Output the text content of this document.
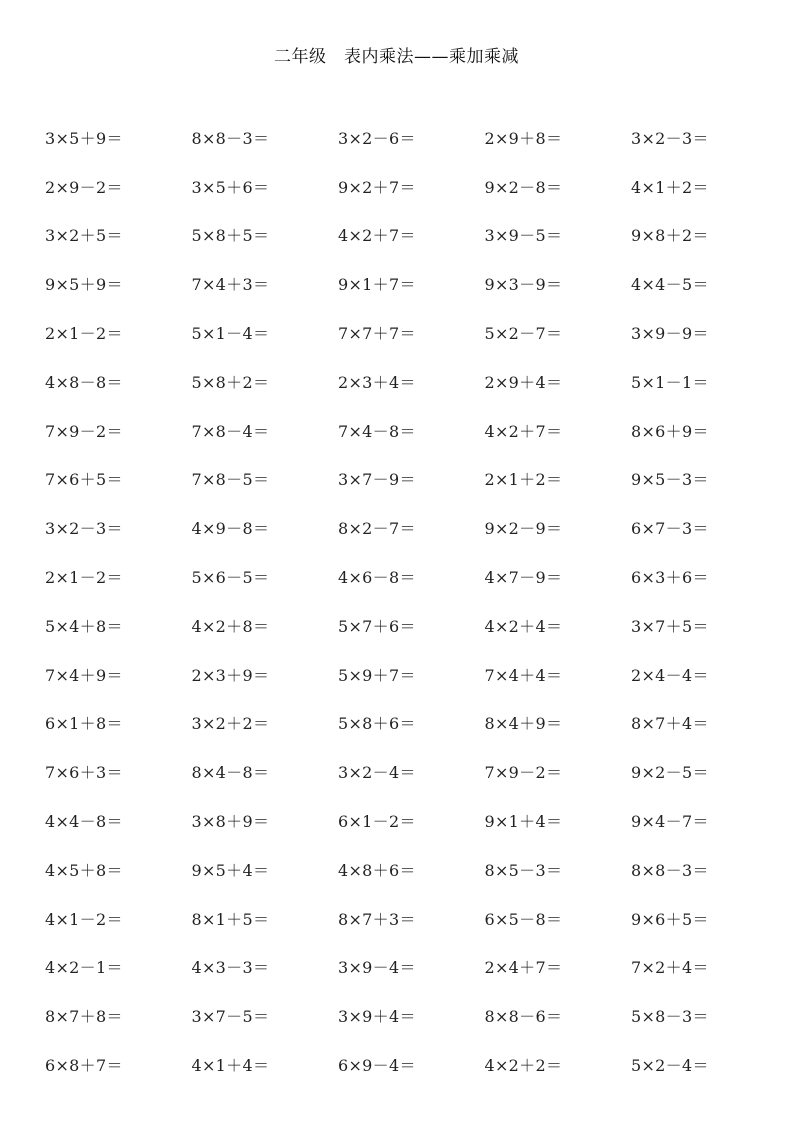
二年级　表内乘法——乘加乘减
3×5＋9＝	8×8－3＝	3×2－6＝	2×9＋8＝	3×2－3＝
2×9－2＝	3×5＋6＝	9×2＋7＝	9×2－8＝	4×1＋2＝
3×2＋5＝	5×8＋5＝	4×2＋7＝	3×9－5＝	9×8＋2＝
9×5＋9＝	7×4＋3＝	9×1＋7＝	9×3－9＝	4×4－5＝
2×1－2＝	5×1－4＝	7×7＋7＝	5×2－7＝	3×9－9＝
4×8－8＝	5×8＋2＝	2×3＋4＝	2×9＋4＝	5×1－1＝
7×9－2＝	7×8－4＝	7×4－8＝	4×2＋7＝	8×6＋9＝
7×6＋5＝	7×8－5＝	3×7－9＝	2×1＋2＝	9×5－3＝
3×2－3＝	4×9－8＝	8×2－7＝	9×2－9＝	6×7－3＝
2×1－2＝	5×6－5＝	4×6－8＝	4×7－9＝	6×3＋6＝
5×4＋8＝	4×2＋8＝	5×7＋6＝	4×2＋4＝	3×7＋5＝
7×4＋9＝	2×3＋9＝	5×9＋7＝	7×4＋4＝	2×4－4＝
6×1＋8＝	3×2＋2＝	5×8＋6＝	8×4＋9＝	8×7＋4＝
7×6＋3＝	8×4－8＝	3×2－4＝	7×9－2＝	9×2－5＝
4×4－8＝	3×8＋9＝	6×1－2＝	9×1＋4＝	9×4－7＝
4×5＋8＝	9×5＋4＝	4×8＋6＝	8×5－3＝	8×8－3＝
4×1－2＝	8×1＋5＝	8×7＋3＝	6×5－8＝	9×6＋5＝
4×2－1＝	4×3－3＝	3×9－4＝	2×4＋7＝	7×2＋4＝
8×7＋8＝	3×7－5＝	3×9＋4＝	8×8－6＝	5×8－3＝
6×8＋7＝	4×1＋4＝	6×9－4＝	4×2＋2＝	5×2－4＝
